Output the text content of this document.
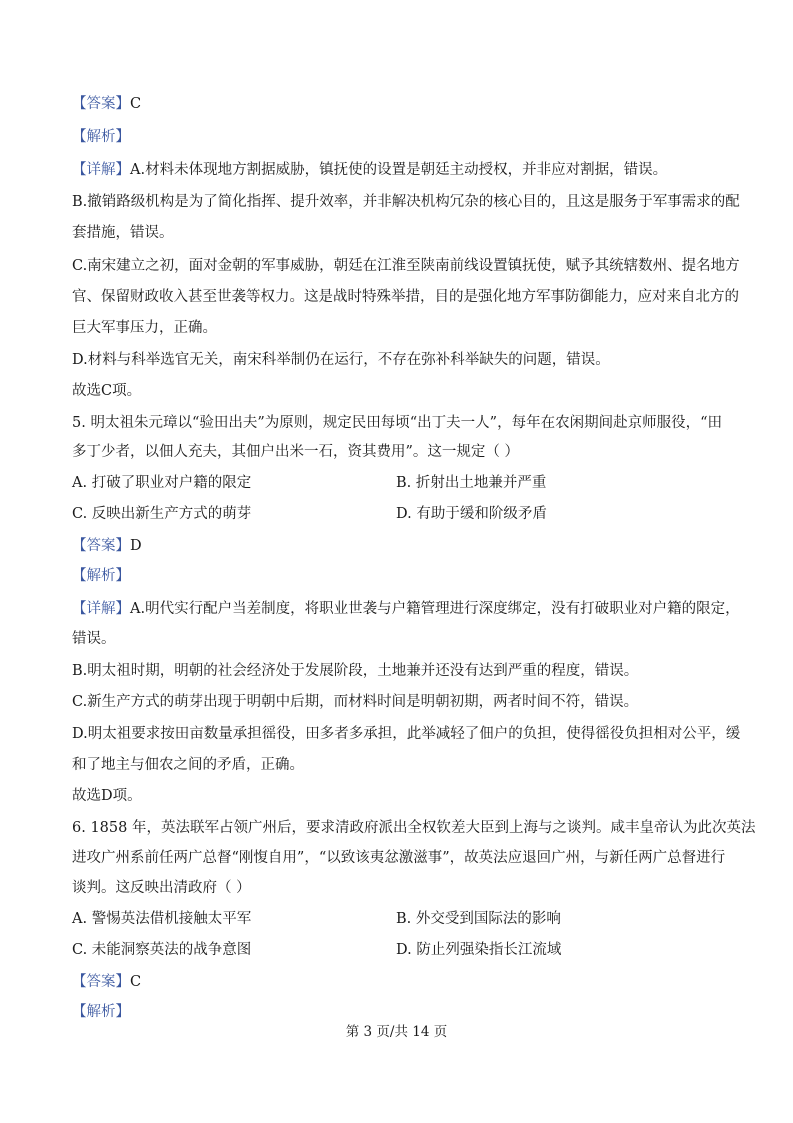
【答案】C
【解析】
【详解】A.材料未体现地方割据威胁，镇抚使的设置是朝廷主动授权，并非应对割据，错误。
B.撤销路级机构是为了简化指挥、提升效率，并非解决机构冗杂的核心目的，且这是服务于军事需求的配
套措施，错误。
C.南宋建立之初，面对金朝的军事威胁，朝廷在江淮至陕南前线设置镇抚使，赋予其统辖数州、提名地方
官、保留财政收入甚至世袭等权力。这是战时特殊举措，目的是强化地方军事防御能力，应对来自北方的
巨大军事压力，正确。
D.材料与科举选官无关，南宋科举制仍在运行，不存在弥补科举缺失的问题，错误。
故选C项。
5. 明太祖朱元璋以“验田出夫”为原则，规定民田每顷“出丁夫一人”，每年在农闲期间赴京师服役，“田
多丁少者，以佃人充夫，其佃户出米一石，资其费用”。这一规定（ ）
A. 打破了职业对户籍的限定	B. 折射出土地兼并严重
C. 反映出新生产方式的萌芽	D. 有助于缓和阶级矛盾
【答案】D
【解析】
【详解】A.明代实行配户当差制度，将职业世袭与户籍管理进行深度绑定，没有打破职业对户籍的限定，
错误。
B.明太祖时期，明朝的社会经济处于发展阶段，土地兼并还没有达到严重的程度，错误。
C.新生产方式的萌芽出现于明朝中后期，而材料时间是明朝初期，两者时间不符，错误。
D.明太祖要求按田亩数量承担徭役，田多者多承担，此举减轻了佃户的负担，使得徭役负担相对公平，缓
和了地主与佃农之间的矛盾，正确。
故选D项。
6. 1858 年，英法联军占领广州后，要求清政府派出全权钦差大臣到上海与之谈判。咸丰皇帝认为此次英法
进攻广州系前任两广总督“刚愎自用”，“以致该夷忿激滋事”，故英法应退回广州，与新任两广总督进行
谈判。这反映出清政府（ ）
A. 警惕英法借机接触太平军	B. 外交受到国际法的影响
C. 未能洞察英法的战争意图	D. 防止列强染指长江流域
【答案】C
【解析】
第 3 页/共 14 页
